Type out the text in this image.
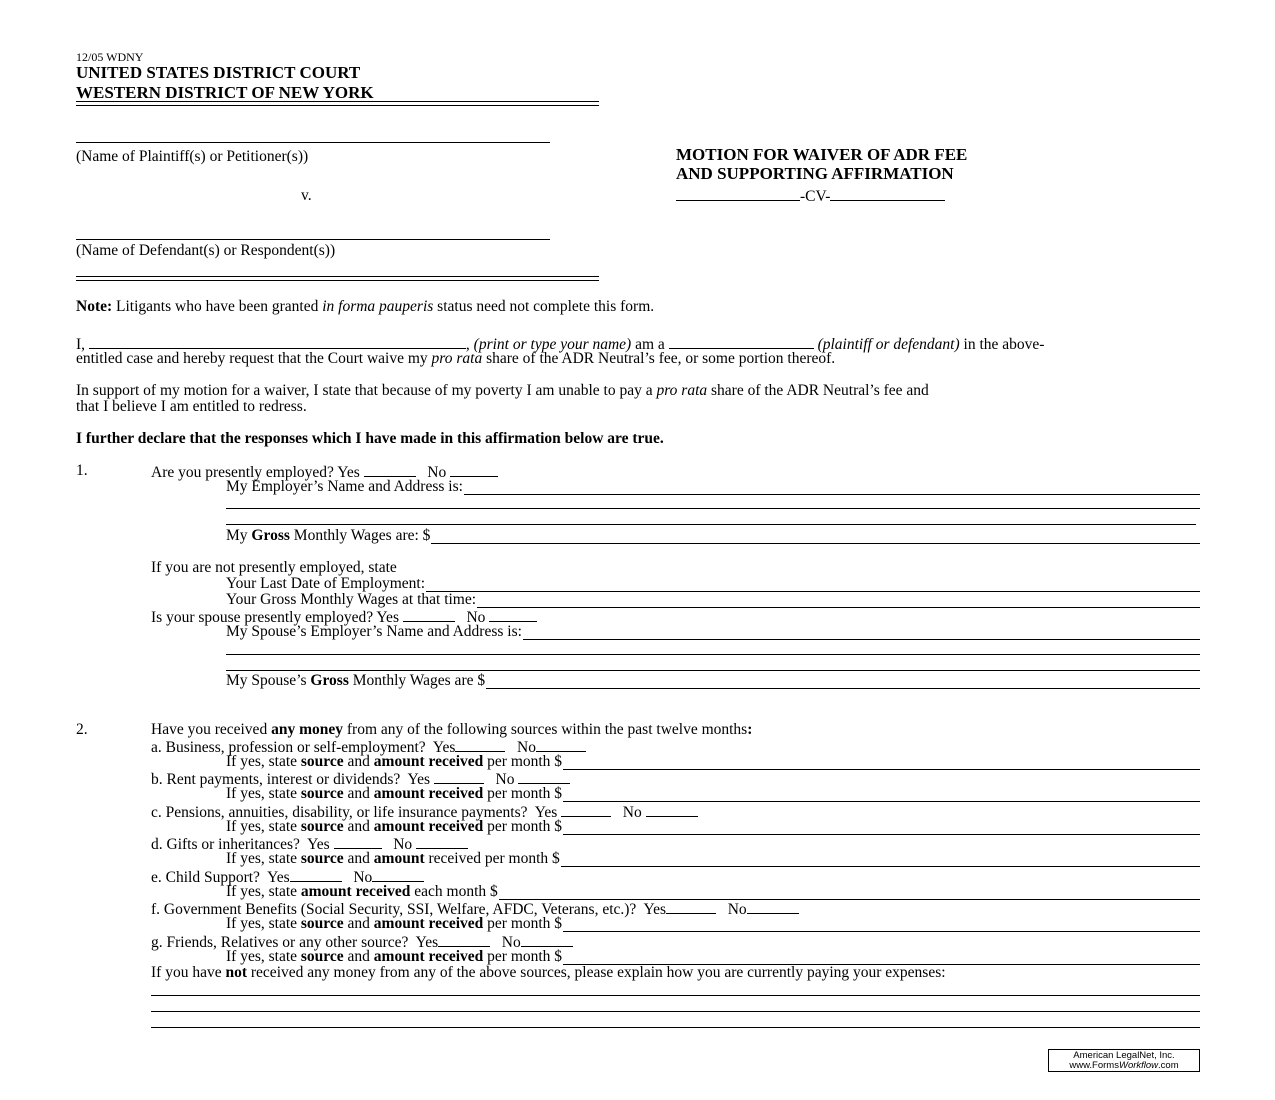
12/05 WDNY
UNITED STATES DISTRICT COURT
WESTERN DISTRICT OF NEW YORK
(Name of Plaintiff(s) or Petitioner(s))
v.
(Name of Defendant(s) or Respondent(s))
MOTION FOR WAIVER OF ADR FEE
AND SUPPORTING AFFIRMATION
-CV-
Note: Litigants who have been granted in forma pauperis status need not complete this form.
I,	, (print or type your name) am a	(plaintiff or defendant) in the above-
entitled case and hereby request that the Court waive my pro rata share of the ADR Neutral’s fee, or some portion thereof.
In support of my motion for a waiver, I state that because of my poverty I am unable to pay a pro rata share of the ADR Neutral’s fee and
that I believe I am entitled to redress.
I further declare that the responses which I have made in this affirmation below are true.
1.	Are you presently employed? Yes	No
My Employer’s Name and Address is:
My
Gross
Monthly Wages are: $
If you are not presently employed, state
Your Last Date of Employment:
Your Gross Monthly Wages at that time:
Is your spouse presently employed? Yes	No
My Spouse’s Employer’s Name and Address is:
My Spouse’s
Gross
Monthly Wages are $
2.	Have you received any money from any of the following sources within the past twelve months:
a. Business, profession or self-employment? Yes	No
If yes, state
source
and
amount received
per month $
b. Rent payments, interest or dividends? Yes	No
If yes, state
source
and
amount received
per month $
c. Pensions, annuities, disability, or life insurance payments? Yes	No
If yes, state
source
and
amount received
per month $
d. Gifts or inheritances? Yes	No
If yes, state
source
and
amount
received
per month $
e. Child Support? Yes	No
If yes, state
amount received
each month $
f. Government Benefits (Social Security, SSI, Welfare, AFDC, Veterans, etc.)? Yes	No
If yes, state
source
and
amount received
per month $
g. Friends, Relatives or any other source? Yes	No
If yes, state
source
and
amount received
per month $
If you have not received any money from any of the above sources, please explain how you are currently paying your expenses:
American LegalNet, Inc.
www.FormsWorkflow.com
